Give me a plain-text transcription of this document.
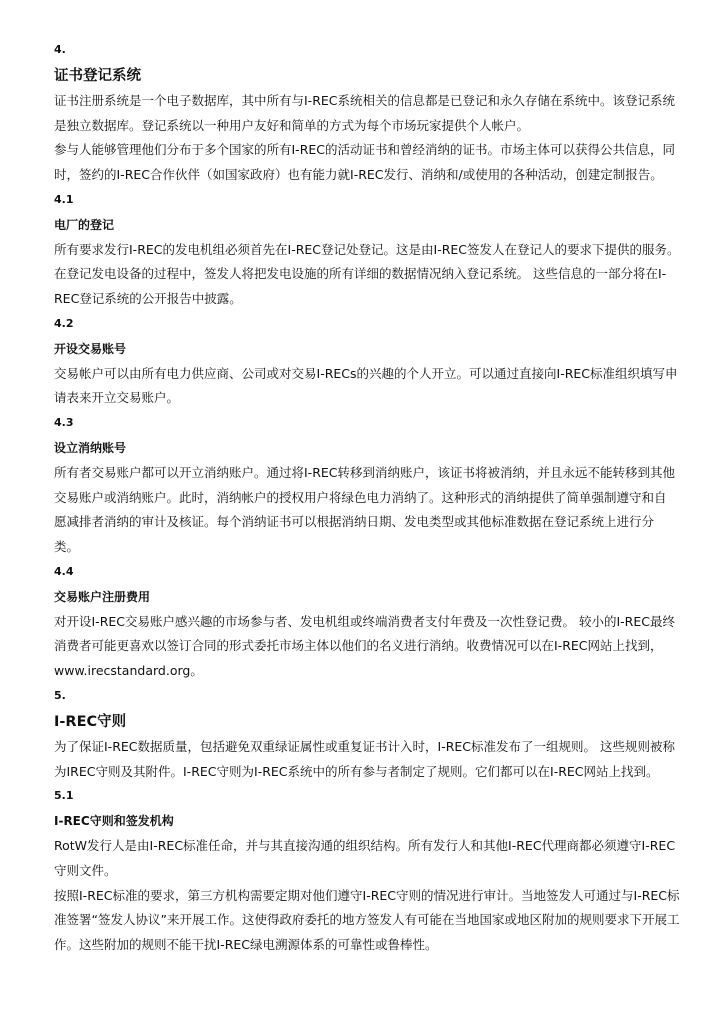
4.
证书登记系统
证书注册系统是一个电子数据库，其中所有与I-REC系统相关的信息都是已登记和永久存储在系统中。该登记系统
是独立数据库。登记系统以一种用户友好和简单的方式为每个市场玩家提供个人帐户。
参与人能够管理他们分布于多个国家的所有I-REC的活动证书和曾经消纳的证书。市场主体可以获得公共信息，同
时，签约的I-REC合作伙伴（如国家政府）也有能力就I-REC发行、消纳和/或使用的各种活动，创建定制报告。
4.1
电厂的登记
所有要求发行I-REC的发电机组必须首先在I-REC登记处登记。这是由I-REC签发人在登记人的要求下提供的服务。
在登记发电设备的过程中，签发人将把发电设施的所有详细的数据情况纳入登记系统。 这些信息的一部分将在I-
REC登记系统的公开报告中披露。
4.2
开设交易账号
交易帐户可以由所有电力供应商、公司或对交易I-RECs的兴趣的个人开立。可以通过直接向I-REC标准组织填写申
请表来开立交易账户。
4.3
设立消纳账号
所有者交易账户都可以开立消纳账户。通过将I-REC转移到消纳账户，该证书将被消纳，并且永远不能转移到其他
交易账户或消纳账户。此时，消纳帐户的授权用户将绿色电力消纳了。这种形式的消纳提供了简单强制遵守和自
愿减排者消纳的审计及核证。每个消纳证书可以根据消纳日期、发电类型或其他标准数据在登记系统上进行分
类。
4.4
交易账户注册费用
对开设I-REC交易账户感兴趣的市场参与者、发电机组或终端消费者支付年费及一次性登记费。 较小的I-REC最终
消费者可能更喜欢以签订合同的形式委托市场主体以他们的名义进行消纳。收费情况可以在I-REC网站上找到，
www.irecstandard.org。
5.
I-REC守则
为了保证I-REC数据质量，包括避免双重绿证属性或重复证书计入时，I-REC标准发布了一组规则。 这些规则被称
为IREC守则及其附件。I-REC守则为I-REC系统中的所有参与者制定了规则。它们都可以在I-REC网站上找到。
5.1
I-REC守则和签发机构
RotW发行人是由I-REC标准任命，并与其直接沟通的组织结构。所有发行人和其他I-REC代理商都必须遵守I-REC
守则文件。
按照I-REC标准的要求，第三方机构需要定期对他们遵守I-REC守则的情况进行审计。当地签发人可通过与I-REC标
准签署“签发人协议”来开展工作。这使得政府委托的地方签发人有可能在当地国家或地区附加的规则要求下开展工
作。这些附加的规则不能干扰I-REC绿电溯源体系的可靠性或鲁棒性。
